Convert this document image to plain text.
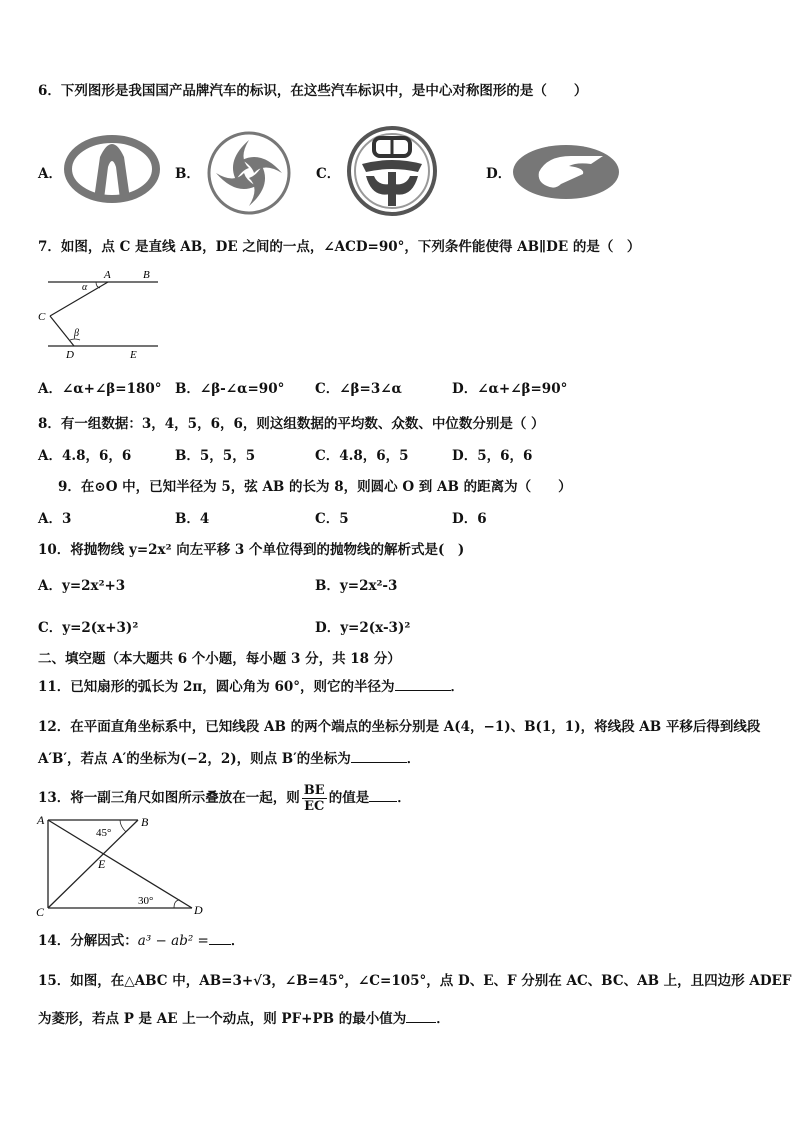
6．下列图形是我国国产品牌汽车的标识，在这些汽车标识中，是中心对称图形的是（　　）
A．	B．	C．	D．
7．如图，点 C 是直线 AB，DE 之间的一点，∠ACD=90°，下列条件能使得 AB∥DE 的是（　）
A	B
C
D	E
α
β
A．∠α+∠β=180° B．∠β-∠α=90° C．∠β=3∠α	D．∠α+∠β=90°
8．有一组数据：3，4，5，6，6，则这组数据的平均数、众数、中位数分别是（ ）
A．4.8，6，6	B．5，5，5	C．4.8，6，5	D．5，6，6
9．在⊙O 中，已知半径为 5，弦 AB 的长为 8，则圆心 O 到 AB 的距离为（　　）
A．3	B．4	C．5	D．6
10．将抛物线 y=2x² 向左平移 3 个单位得到的抛物线的解析式是(　)
A．y=2x²+3	B．y=2x²-3
C．y=2(x+3)²	D．y=2(x-3)²
二、填空题（本大题共 6 个小题，每小题 3 分，共 18 分）
11．已知扇形的弧长为 2π，圆心角为 60°，则它的半径为	．
12．在平面直角坐标系中，已知线段 AB 的两个端点的坐标分别是 A(4，−1)、B(1，1)，将线段 AB 平移后得到线段
A′B′，若点 A′的坐标为(−2，2)，则点 B′的坐标为	．
13．将一副三角尺如图所示叠放在一起，则 $\frac{BE}{EC}$ 的值是 ．
A	B
C	D
E
45°
30°
14．分解因式：a³ − ab² = ．
15．如图，在△ABC 中，AB=3+√3，∠B=45°，∠C=105°，点 D、E、F 分别在 AC、BC、AB 上，且四边形 ADEF
为菱形，若点 P 是 AE 上一个动点，则 PF+PB 的最小值为 ．
